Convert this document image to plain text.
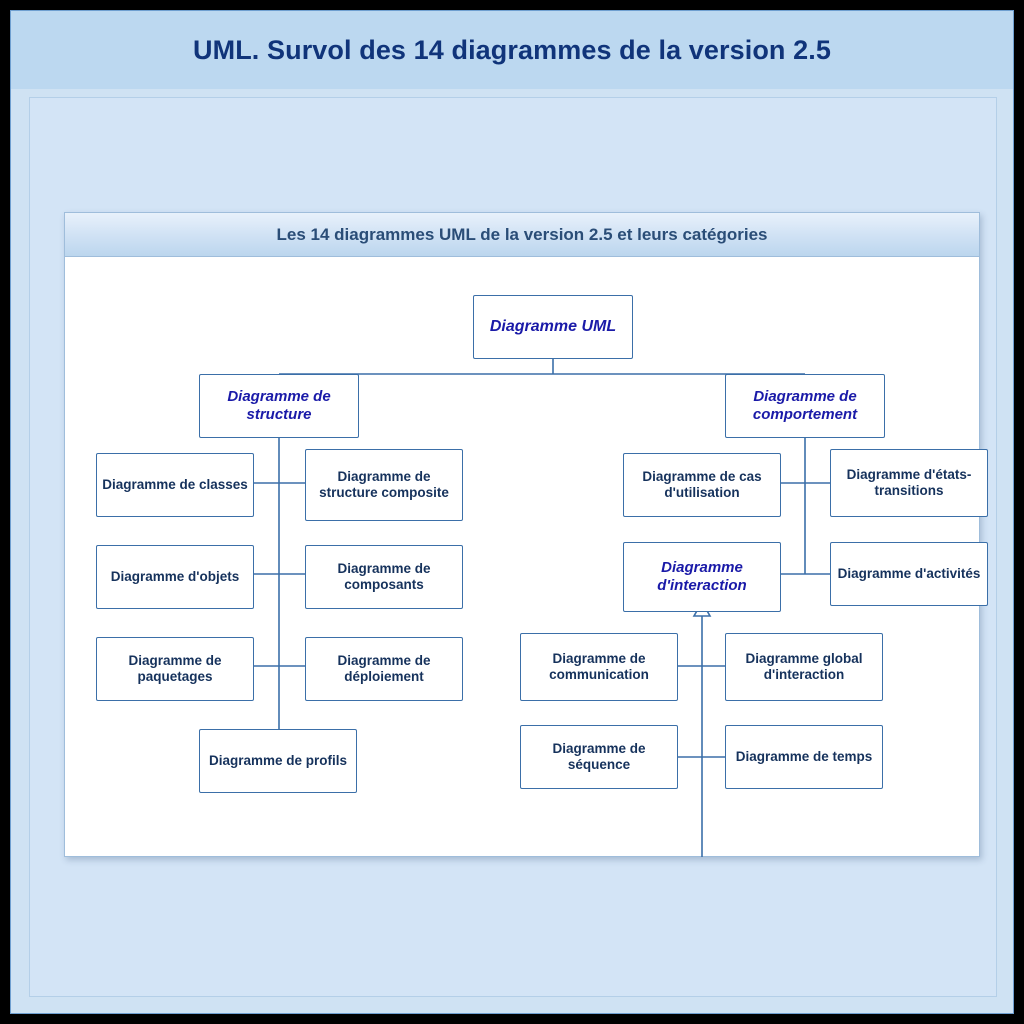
UML. Survol des 14 diagrammes de la version 2.5
Les 14 diagrammes UML de la version 2.5 et leurs catégories
Diagramme UML
Diagramme de structure
Diagramme de comportement
Diagramme de classes
Diagramme de structure composite
Diagramme d'objets
Diagramme de composants
Diagramme de paquetages
Diagramme de déploiement
Diagramme de profils
Diagramme de cas d'utilisation
Diagramme d'états-transitions
Diagramme d'interaction
Diagramme d'activités
Diagramme de communication
Diagramme global d'interaction
Diagramme de séquence
Diagramme de temps
